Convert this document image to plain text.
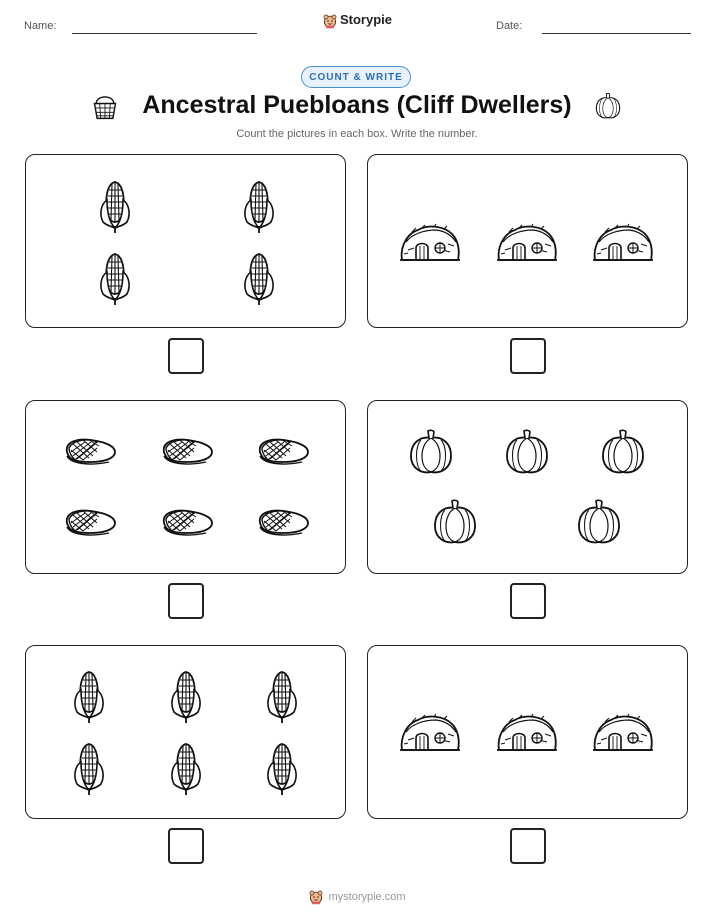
Name:	Storypie	Date:
COUNT & WRITE
Ancestral Puebloans (Cliff Dwellers)
Count the pictures in each box. Write the number.
mystorypie.com
